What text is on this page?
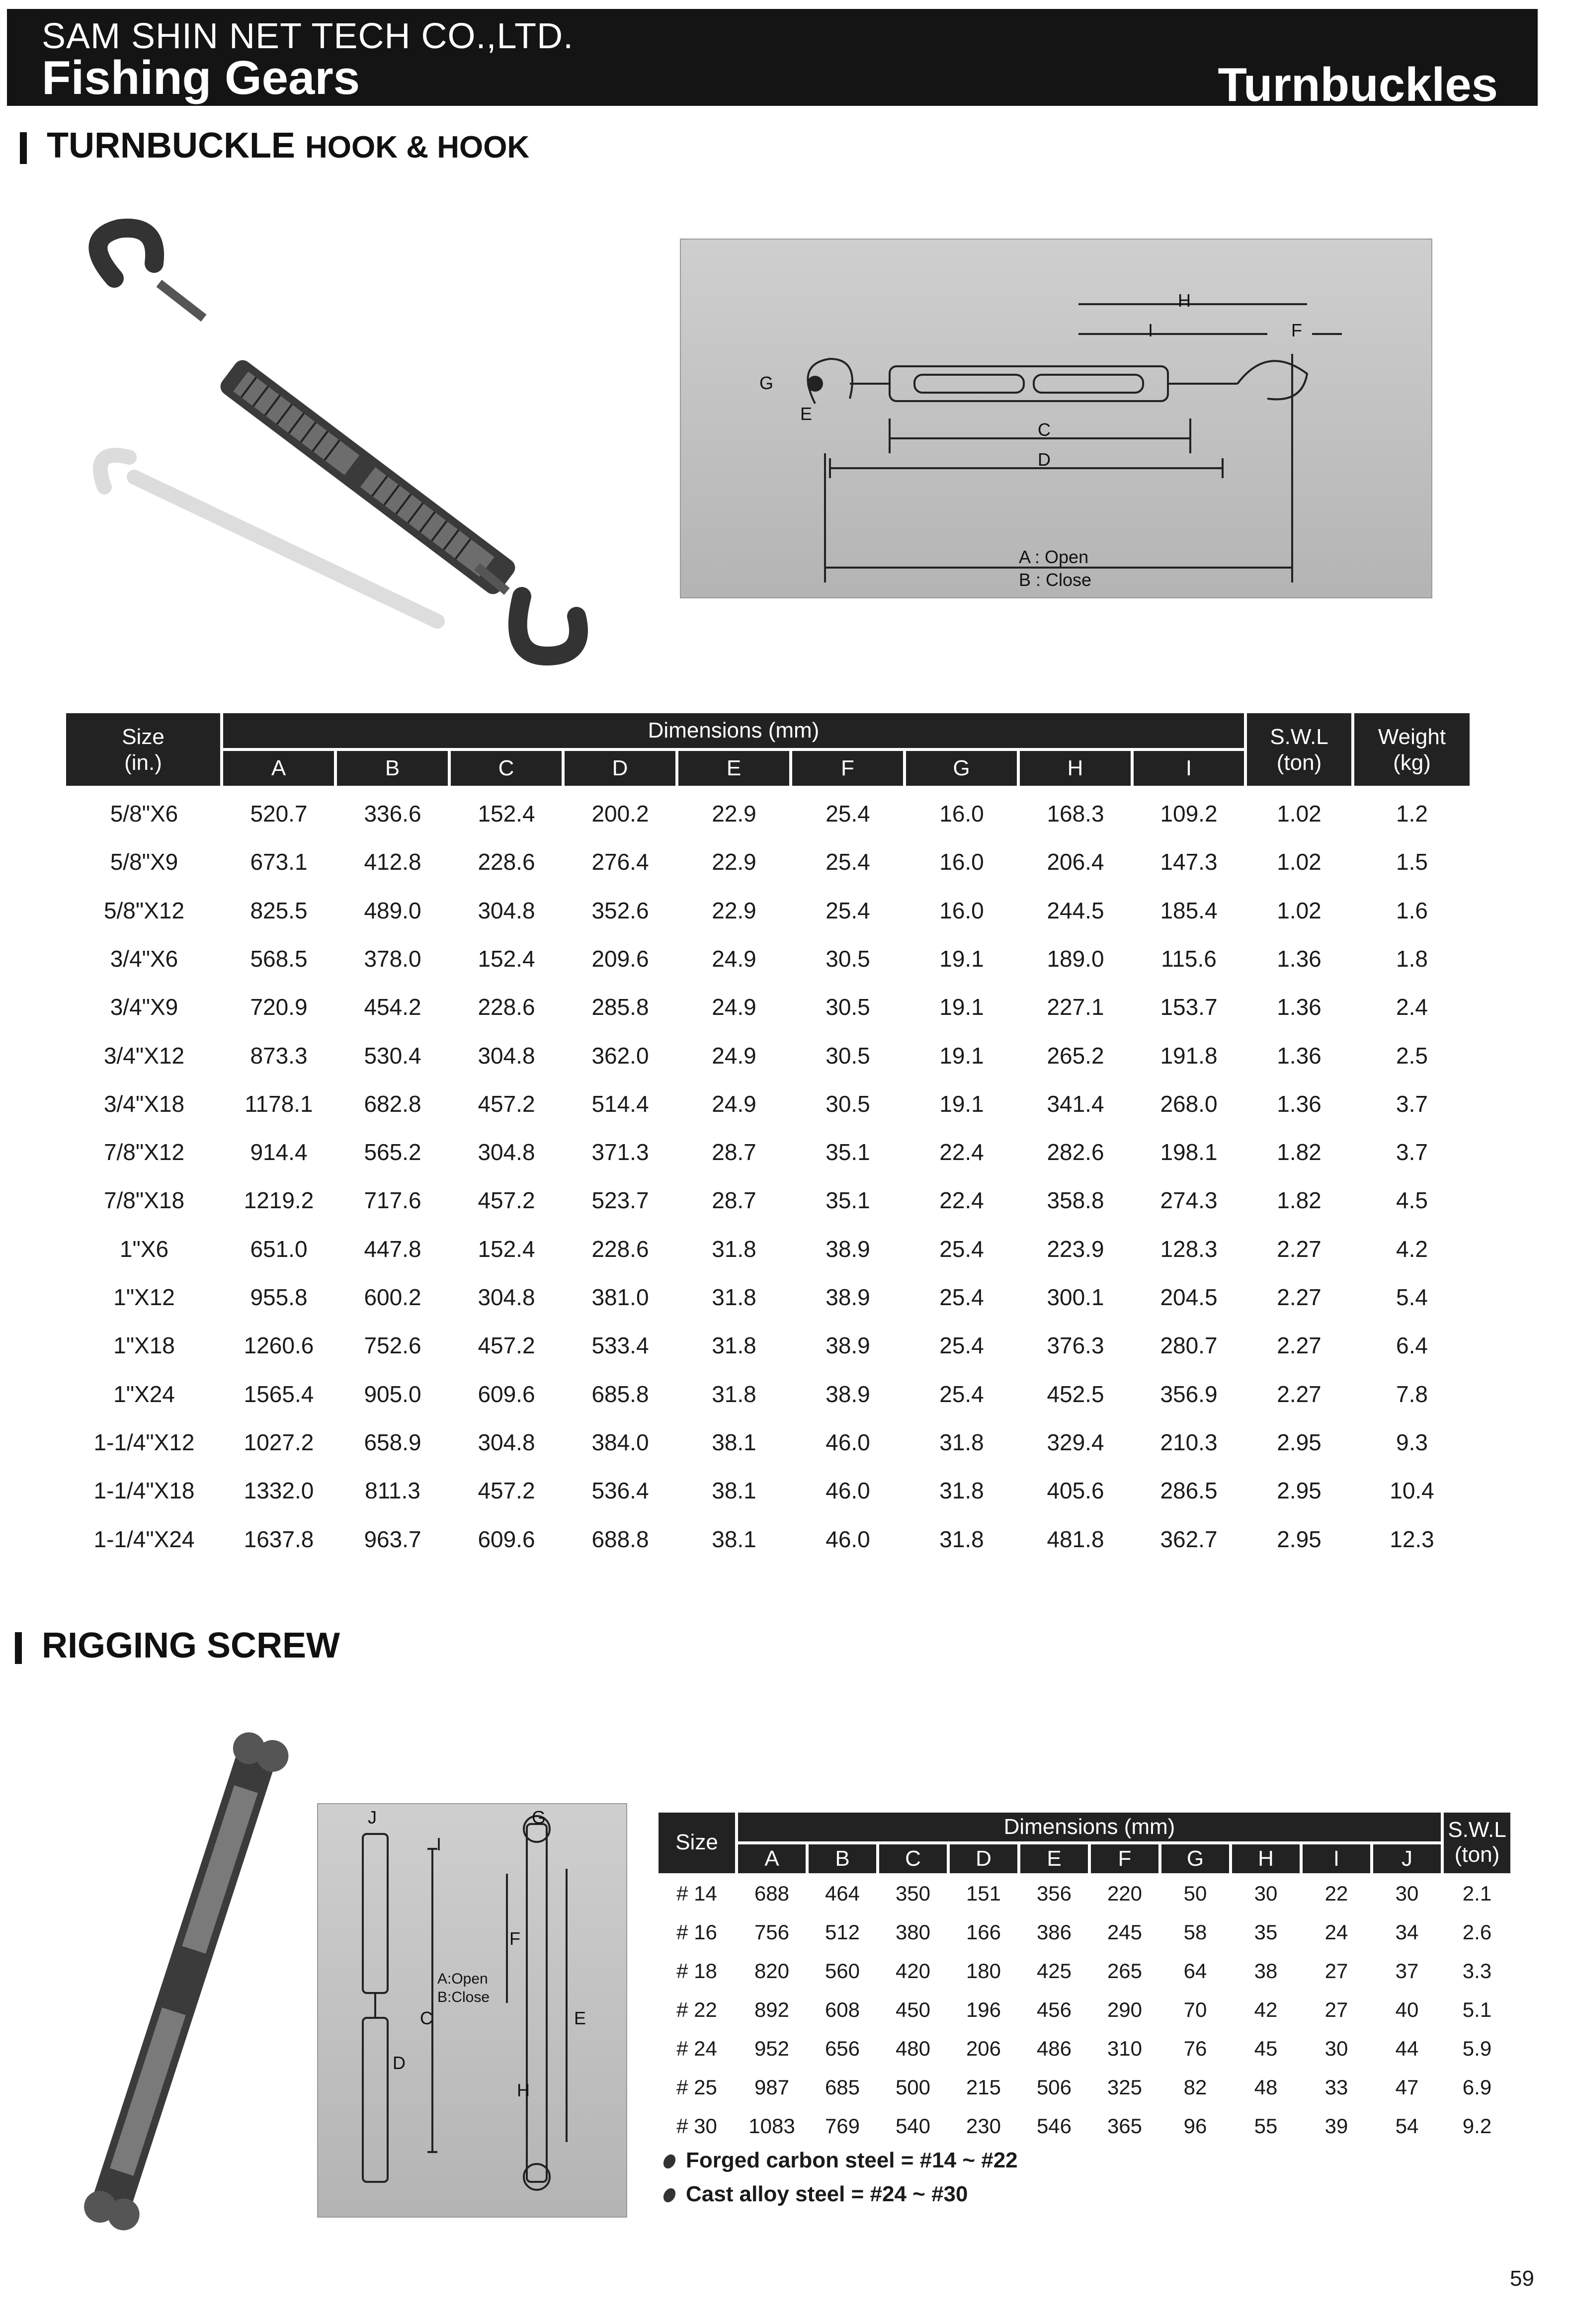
SAM SHIN NET TECH CO.,LTD.
Fishing Gears	Turnbuckles
TURNBUCKLE HOOK & HOOK
H
I	F
G
E
C
D
A : Open
B : Close
Size
(in.)
Dimensions (mm)	S.W.L
(ton)
Weight
(kg)
A	B	C	D	E	F	G	H	I
5/8"X6	520.7	336.6	152.4	200.2	22.9	25.4	16.0	168.3	109.2	1.02	1.2
5/8"X9	673.1	412.8	228.6	276.4	22.9	25.4	16.0	206.4	147.3	1.02	1.5
5/8"X12	825.5	489.0	304.8	352.6	22.9	25.4	16.0	244.5	185.4	1.02	1.6
3/4"X6	568.5	378.0	152.4	209.6	24.9	30.5	19.1	189.0	115.6	1.36	1.8
3/4"X9	720.9	454.2	228.6	285.8	24.9	30.5	19.1	227.1	153.7	1.36	2.4
3/4"X12	873.3	530.4	304.8	362.0	24.9	30.5	19.1	265.2	191.8	1.36	2.5
3/4"X18	1178.1	682.8	457.2	514.4	24.9	30.5	19.1	341.4	268.0	1.36	3.7
7/8"X12	914.4	565.2	304.8	371.3	28.7	35.1	22.4	282.6	198.1	1.82	3.7
7/8"X18	1219.2	717.6	457.2	523.7	28.7	35.1	22.4	358.8	274.3	1.82	4.5
1"X6	651.0	447.8	152.4	228.6	31.8	38.9	25.4	223.9	128.3	2.27	4.2
1"X12	955.8	600.2	304.8	381.0	31.8	38.9	25.4	300.1	204.5	2.27	5.4
1"X18	1260.6	752.6	457.2	533.4	31.8	38.9	25.4	376.3	280.7	2.27	6.4
1"X24	1565.4	905.0	609.6	685.8	31.8	38.9	25.4	452.5	356.9	2.27	7.8
1-1/4"X12	1027.2	658.9	304.8	384.0	38.1	46.0	31.8	329.4	210.3	2.95	9.3
1-1/4"X18	1332.0	811.3	457.2	536.4	38.1	46.0	31.8	405.6	286.5	2.95	10.4
1-1/4"X24	1637.8	963.7	609.6	688.8	38.1	46.0	31.8	481.8	362.7	2.95	12.3
RIGGING SCREW
J
I
G
F
A:Open
B:Close
C	E
D
H
Size
Dimensions (mm)	S.W.L
(ton)
A	B	C	D	E	F	G	H	I	J
# 14	688	464	350	151	356	220	50	30	22	30	2.1
# 16	756	512	380	166	386	245	58	35	24	34	2.6
# 18	820	560	420	180	425	265	64	38	27	37	3.3
# 22	892	608	450	196	456	290	70	42	27	40	5.1
# 24	952	656	480	206	486	310	76	45	30	44	5.9
# 25	987	685	500	215	506	325	82	48	33	47	6.9
# 30	1083	769	540	230	546	365	96	55	39	54	9.2
Forged carbon steel = #14 ~ #22
Cast alloy steel = #24 ~ #30
59
